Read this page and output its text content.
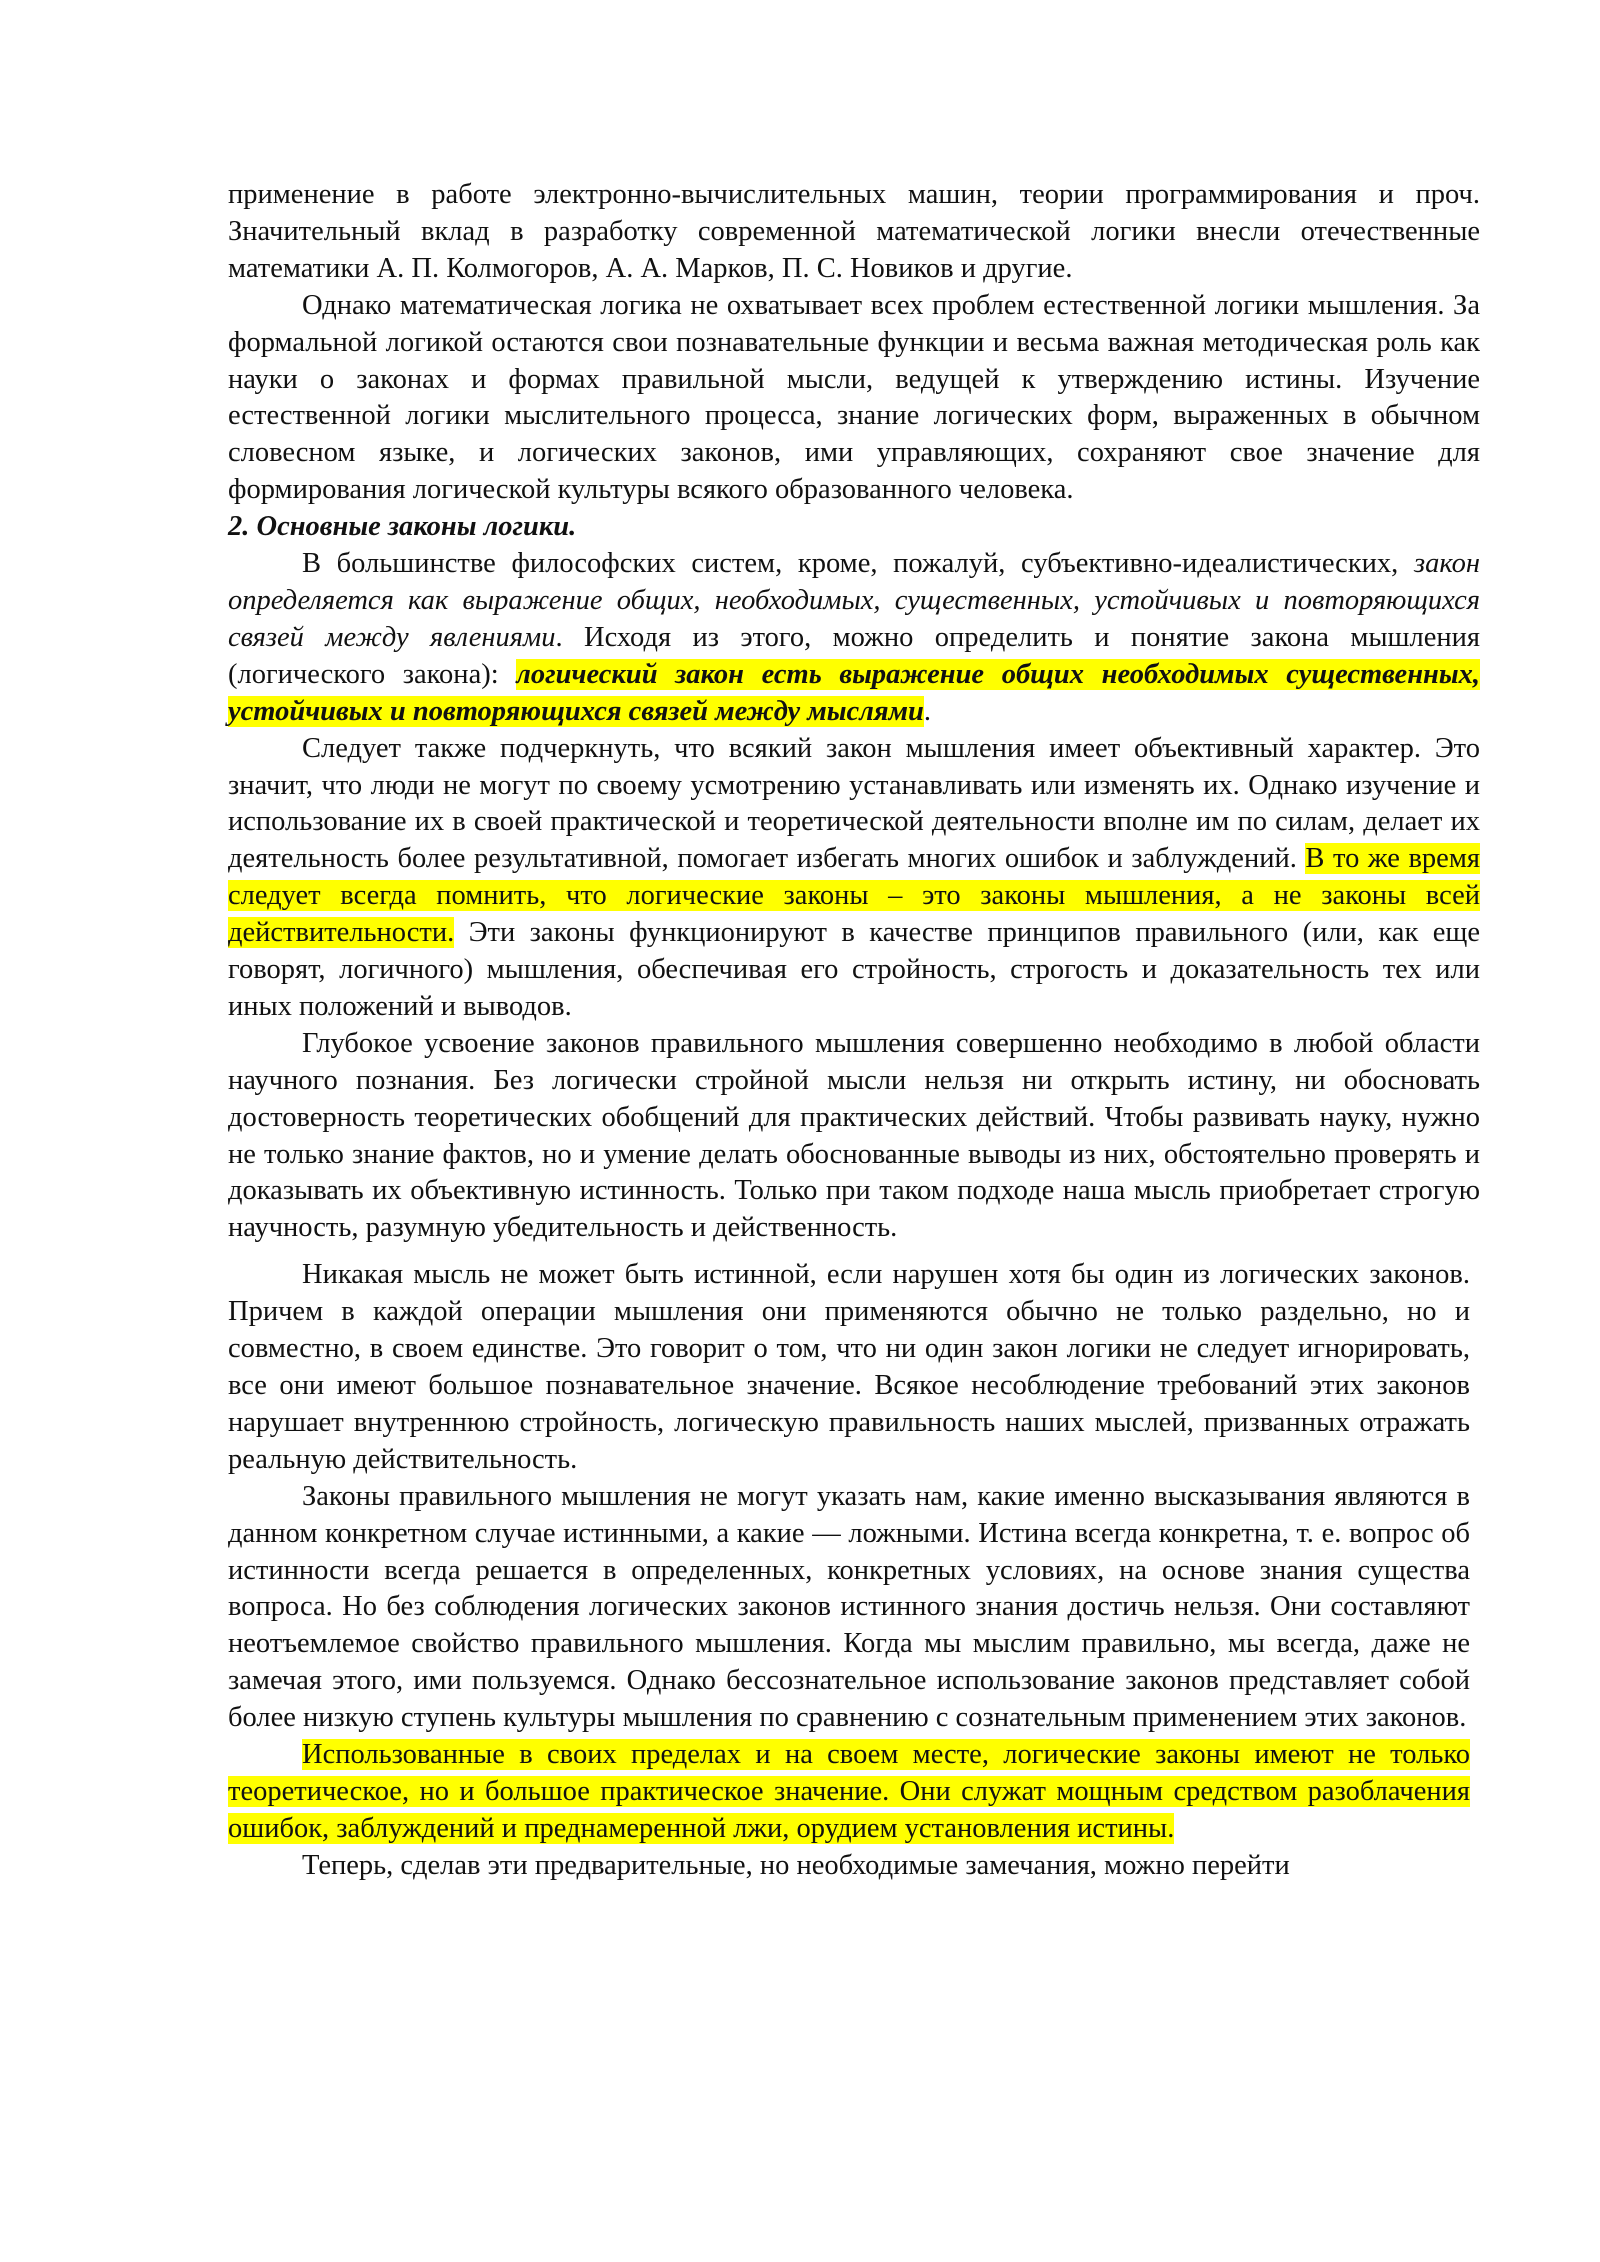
применение в работе электронно-вычислительных машин, теории программирования и проч. Значительный вклад в разработку современной математической логики внесли отечественные математики А. П. Колмогоров, А. А. Марков, П. С. Новиков и другие.

Однако математическая логика не охватывает всех проблем естественной логики мышления. За формальной логикой остаются свои познавательные функции и весьма важная методическая роль как науки о законах и формах правильной мысли, ведущей к утверждению истины. Изучение естественной логики мыслительного процесса, знание логических форм, выраженных в обычном словесном языке, и логических законов, ими управляющих, сохраняют свое значение для формирования логической культуры всякого образованного человека.

2. Основные законы логики.

В большинстве философских систем, кроме, пожалуй, субъективно-идеалистических, закон определяется как выражение общих, необходимых, существенных, устойчивых и повторяющихся связей между явлениями. Исходя из этого, можно определить и понятие закона мышления (логического закона): логический закон есть выражение общих необходимых существенных, устойчивых и повторяющихся связей между мыслями.

Следует также подчеркнуть, что всякий закон мышления имеет объективный характер. Это значит, что люди не могут по своему усмотрению устанавливать или изменять их. Однако изучение и использование их в своей практической и теоретической деятельности вполне им по силам, делает их деятельность более результативной, помогает избегать многих ошибок и заблуждений. В то же время следует всегда помнить, что логические законы – это законы мышления, а не законы всей действительности. Эти законы функционируют в качестве принципов правильного (или, как еще говорят, логичного) мышления, обеспечивая его стройность, строгость и доказательность тех или иных положений и выводов.

Глубокое усвоение законов правильного мышления совершенно необходимо в любой области научного познания. Без логически стройной мысли нельзя ни открыть истину, ни обосновать достоверность теоретических обобщений для практических действий. Чтобы развивать науку, нужно не только знание фактов, но и умение делать обоснованные выводы из них, обстоятельно проверять и доказывать их объективную истинность. Только при таком подходе наша мысль приобретает строгую научность, разумную убедительность и действенность.

Никакая мысль не может быть истинной, если нарушен хотя бы один из логических законов. Причем в каждой операции мышления они применяются обычно не только раздельно, но и совместно, в своем единстве. Это говорит о том, что ни один закон логики не следует игнорировать, все они имеют большое познавательное значение. Всякое несоблюдение требований этих законов нарушает внутреннюю стройность, логическую правильность наших мыслей, призванных отражать реальную действительность.

Законы правильного мышления не могут указать нам, какие именно высказывания являются в данном конкретном случае истинными, а какие — ложными. Истина всегда конкретна, т. е. вопрос об истинности всегда решается в определенных, конкретных условиях, на основе знания существа вопроса. Но без соблюдения логических законов истинного знания достичь нельзя. Они составляют неотъемлемое свойство правильного мышления. Когда мы мыслим правильно, мы всегда, даже не замечая этого, ими пользуемся. Однако бессознательное использование законов представляет собой более низкую ступень культуры мышления по сравнению с сознательным применением этих законов.

Использованные в своих пределах и на своем месте, логические законы имеют не только теоретическое, но и большое практическое значение. Они служат мощным средством разоблачения ошибок, заблуждений и преднамеренной лжи, орудием установления истины.

Теперь, сделав эти предварительные, но необходимые замечания, можно перейти
